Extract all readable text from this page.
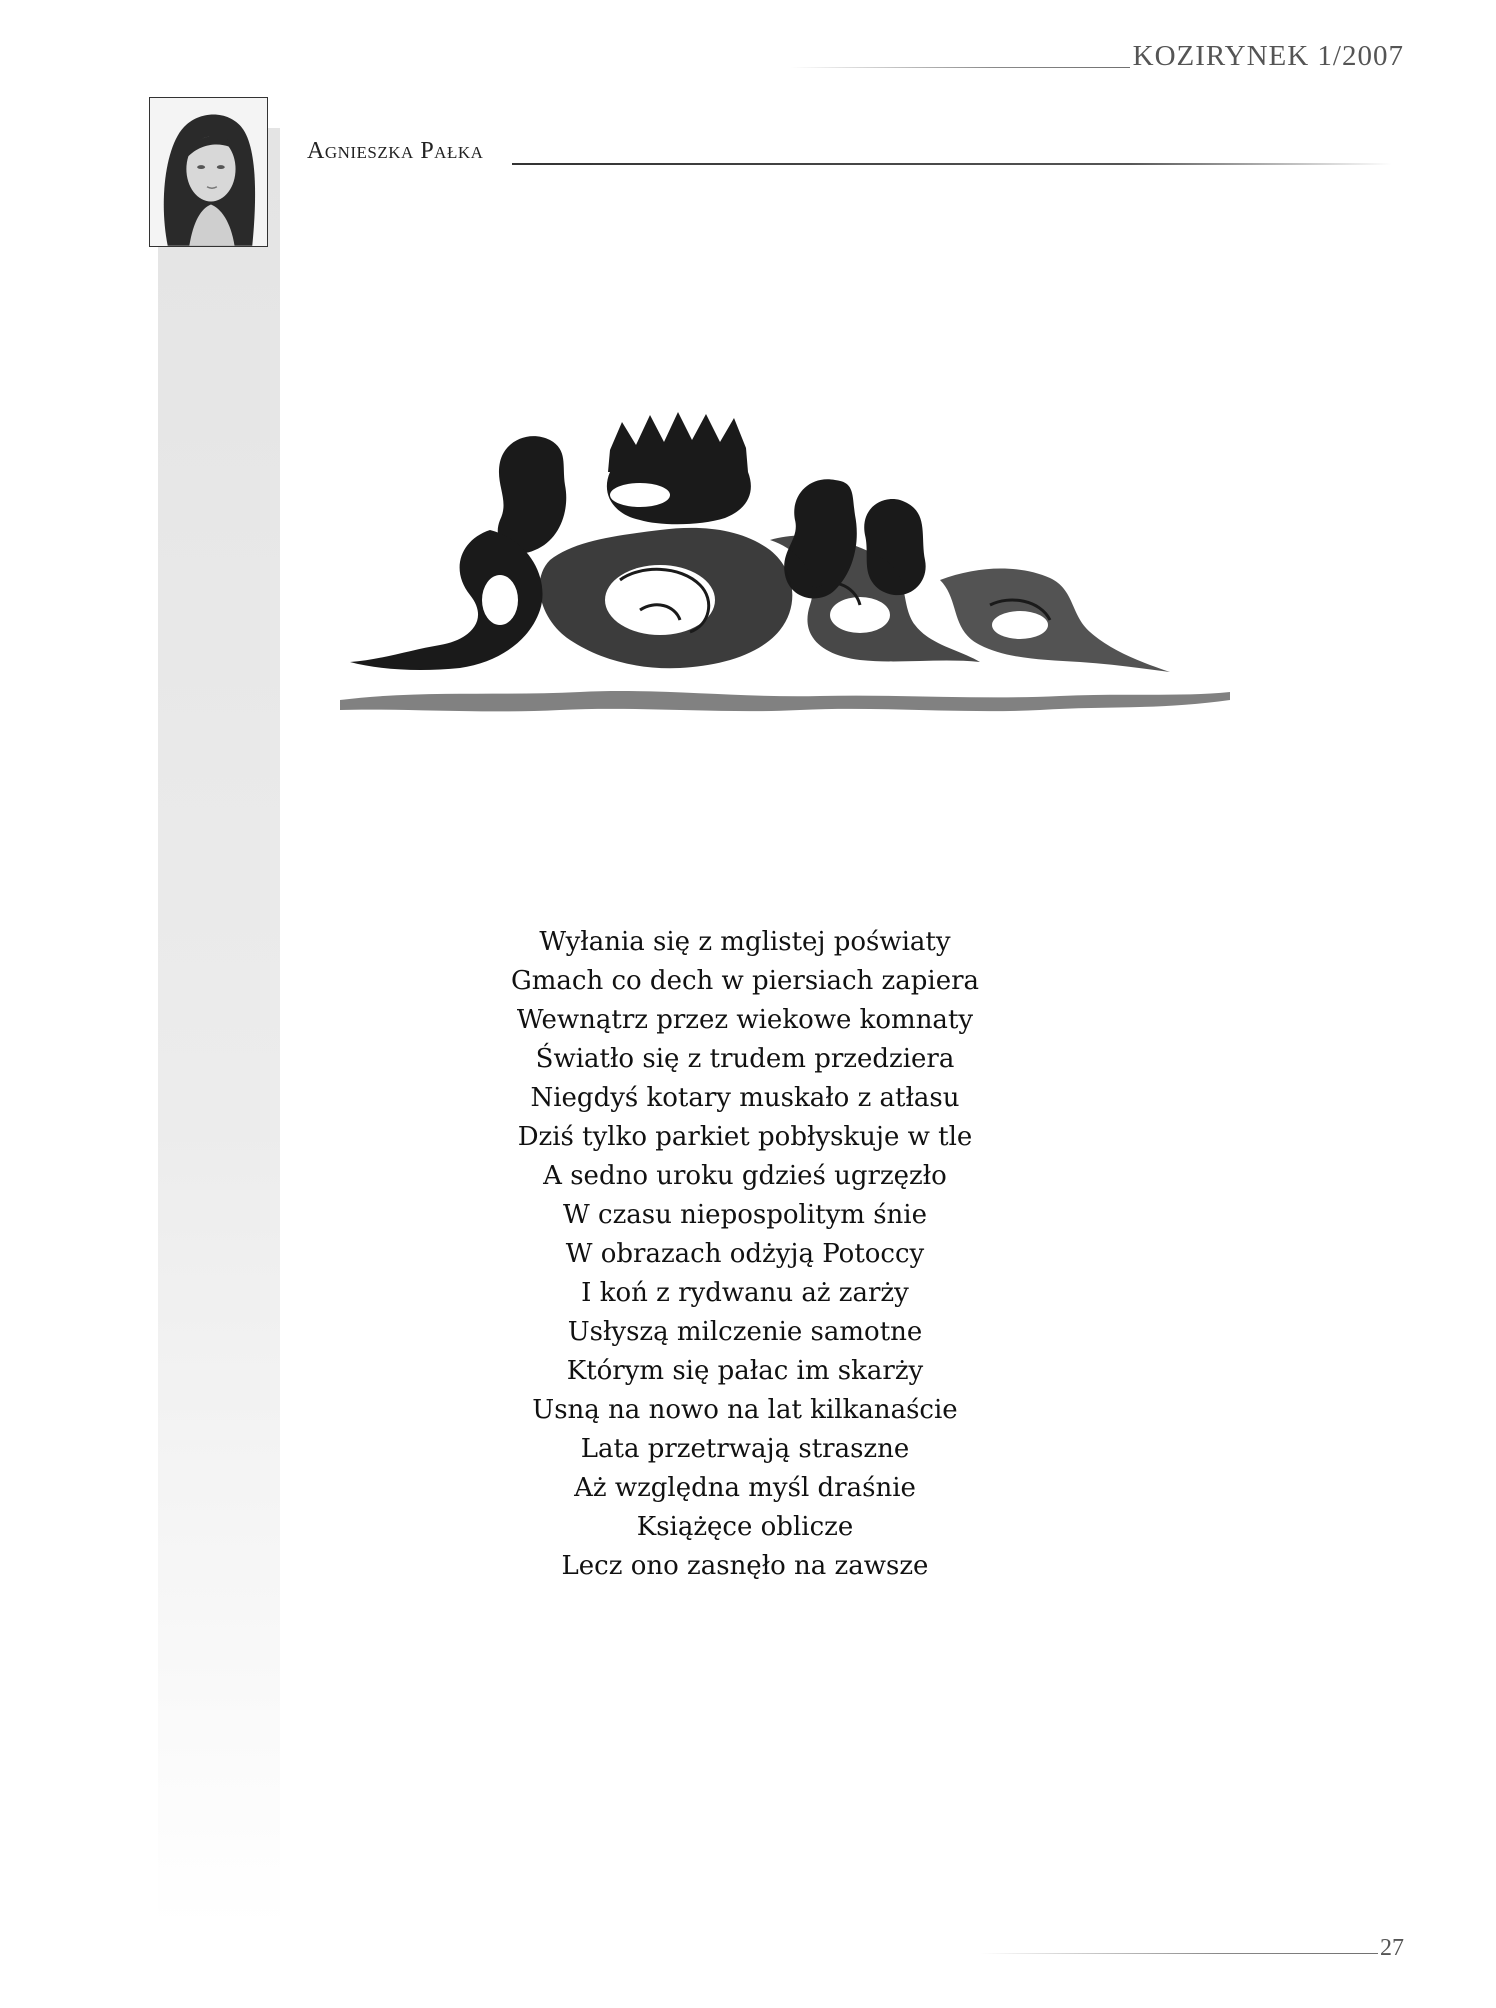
KOZIRYNEK 1/2007
Agnieszka Pałka
Wyłania się z mglistej poświaty
Gmach co dech w piersiach zapiera
Wewnątrz przez wiekowe komnaty
Światło się z trudem przedziera
Niegdyś kotary muskało z atłasu
Dziś tylko parkiet pobłyskuje w tle
A sedno uroku gdzieś ugrzęzło
W czasu niepospolitym śnie
W obrazach odżyją Potoccy
I koń z rydwanu aż zarży
Usłyszą milczenie samotne
Którym się pałac im skarży
Usną na nowo na lat kilkanaście
Lata przetrwają straszne
Aż względna myśl draśnie
Książęce oblicze
Lecz ono zasnęło na zawsze
27
